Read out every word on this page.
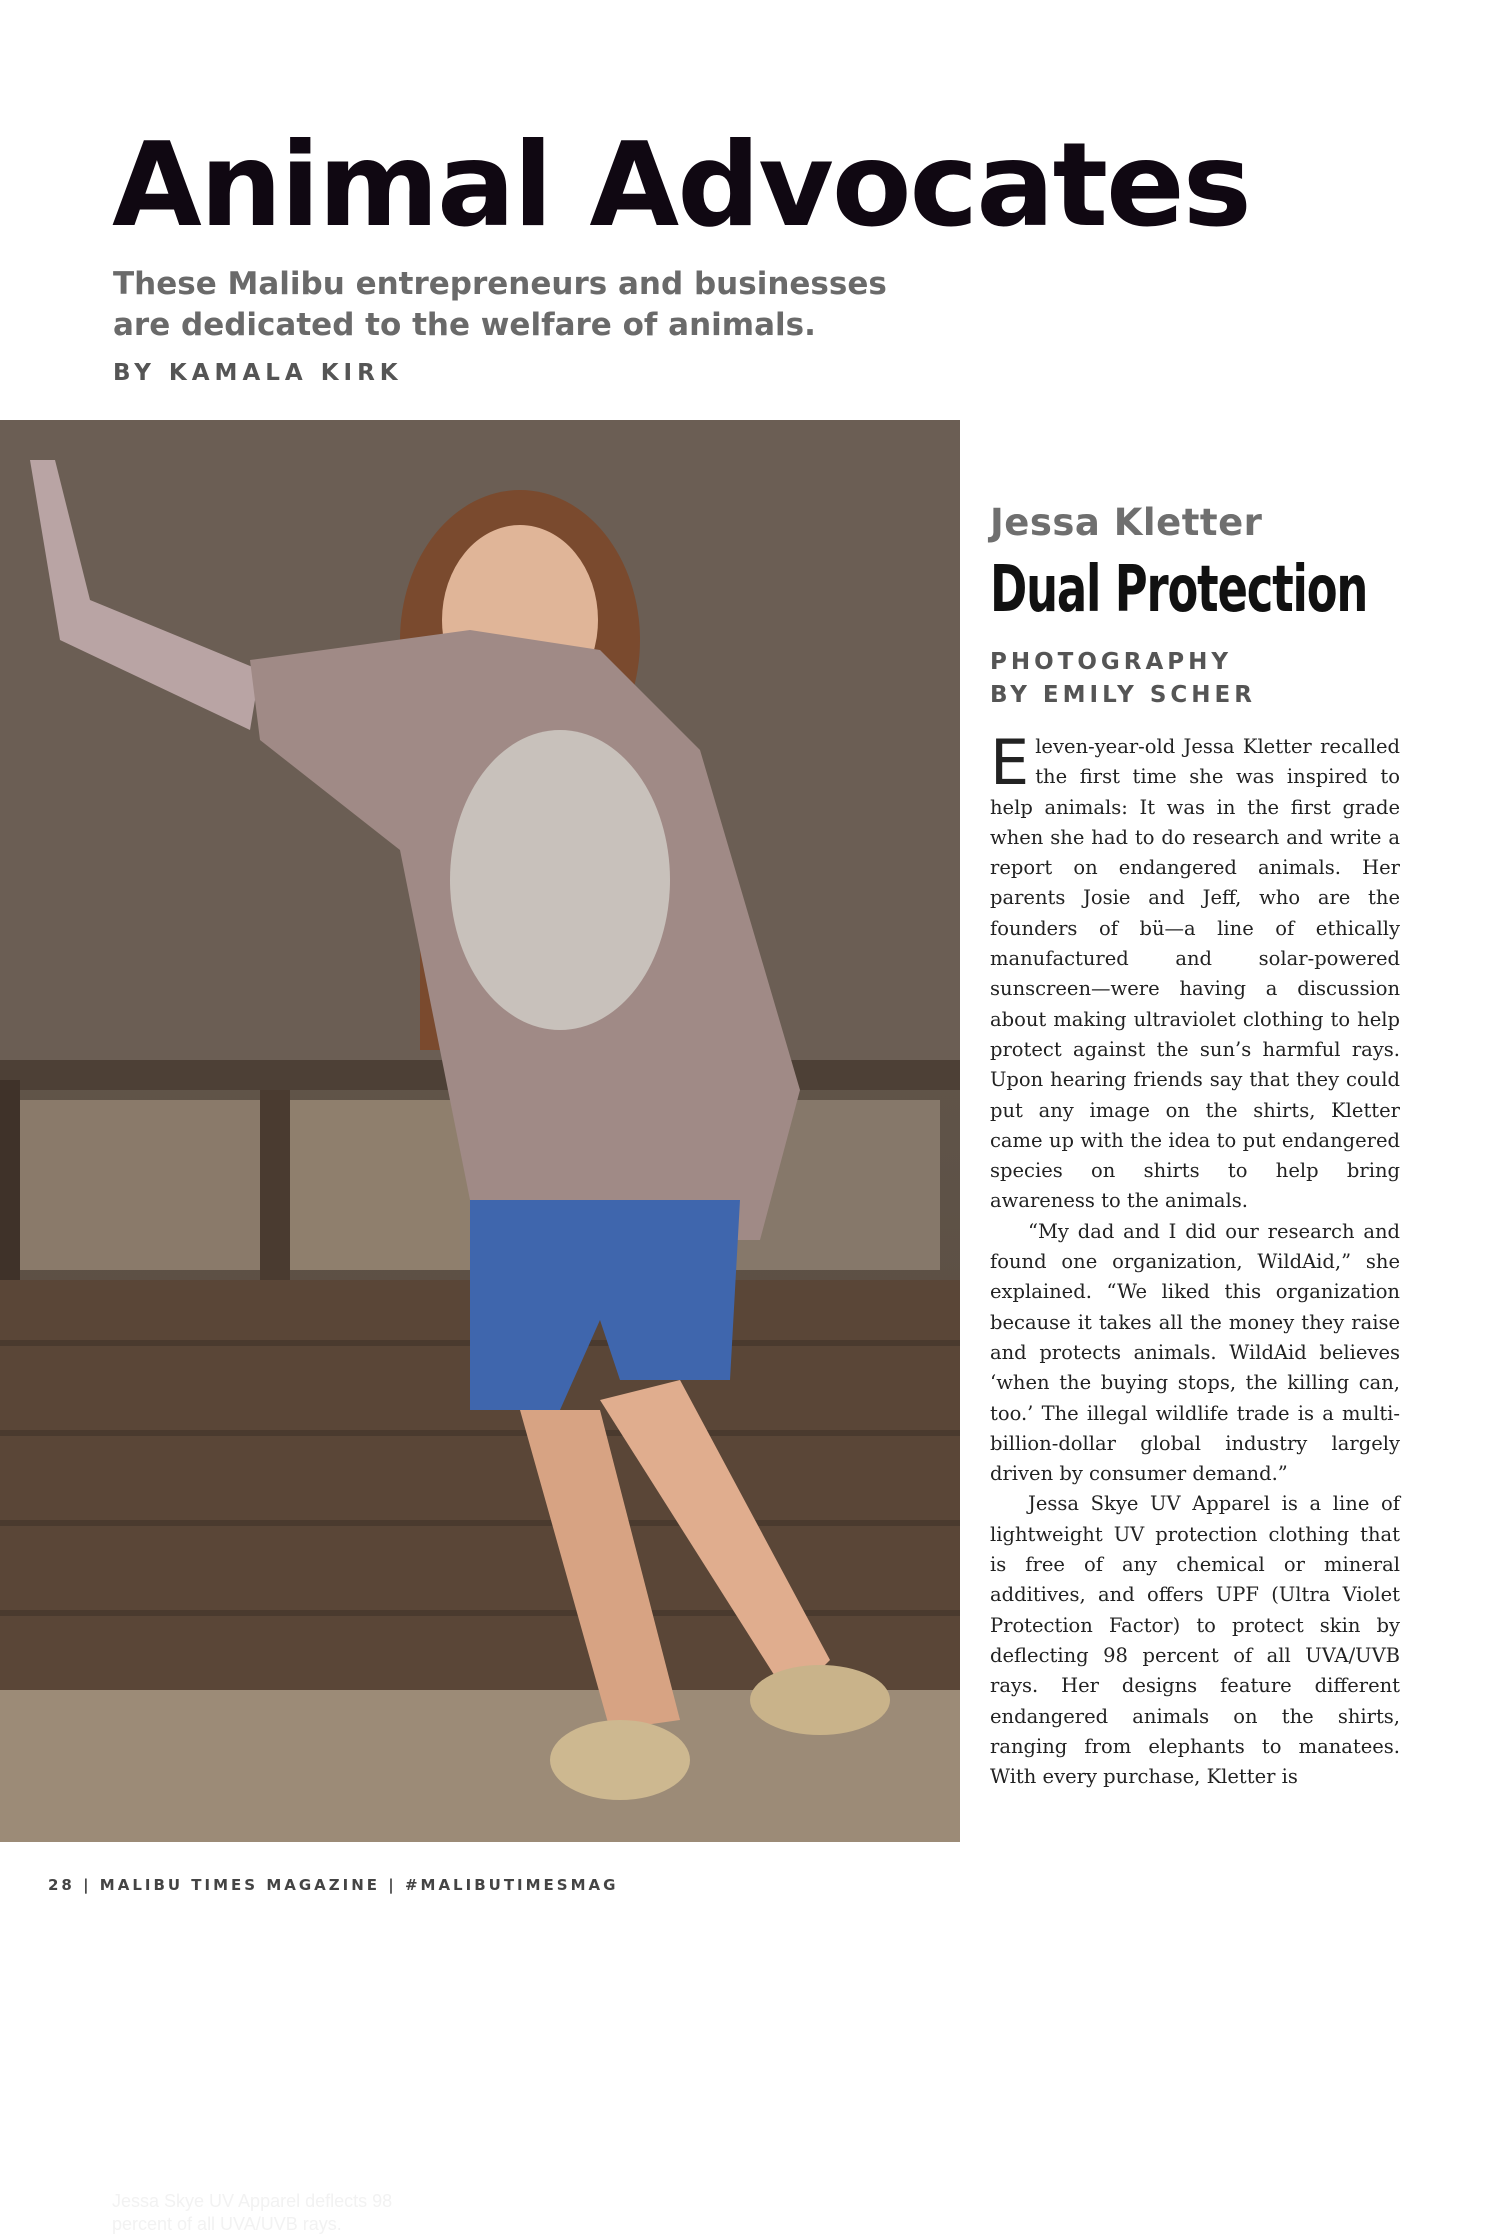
Animal Advocates

These Malibu entrepreneurs and businesses are dedicated to the welfare of animals.

BY KAMALA KIRK
Jessa Skye UV Apparel deflects 98 percent of all UVA/UVB rays.
Jessa Kletter
Dual Protection
PHOTOGRAPHY
BY EMILY SCHER

Eleven-year-old Jessa Kletter recalled the first time she was inspired to help animals: It was in the first grade when she had to do research and write a report on endangered animals. Her parents Josie and Jeff, who are the founders of bü—a line of ethically manufactured and solar-powered sunscreen—were having a discussion about making ultraviolet clothing to help protect against the sun’s harmful rays. Upon hearing friends say that they could put any image on the shirts, Kletter came up with the idea to put endangered species on shirts to help bring awareness to the animals.

“My dad and I did our research and found one organization, WildAid,” she explained. “We liked this organization because it takes all the money they raise and protects animals. WildAid believes ‘when the buying stops, the killing can, too.’ The illegal wildlife trade is a multi-billion-dollar global industry largely driven by consumer demand.”

Jessa Skye UV Apparel is a line of lightweight UV protection clothing that is free of any chemical or mineral additives, and offers UPF (Ultra Violet Protection Factor) to protect skin by deflecting 98 percent of all UVA/UVB rays. Her designs feature different endangered animals on the shirts, ranging from elephants to manatees. With every purchase, Kletter is

28 | MALIBU TIMES MAGAZINE | #MALIBUTIMESMAG
